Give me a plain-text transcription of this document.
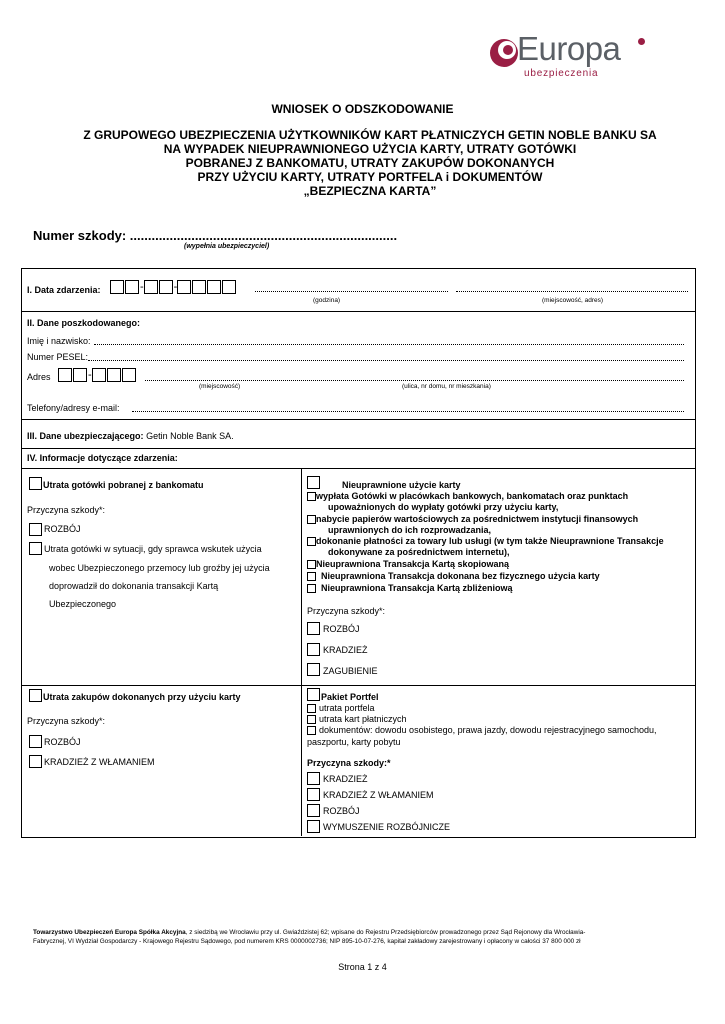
Europa
ubezpieczenia
WNIOSEK O ODSZKODOWANIE
Z GRUPOWEGO UBEZPIECZENIA UŻYTKOWNIKÓW KART PŁATNICZYCH GETIN NOBLE BANKU SA
NA WYPADEK NIEUPRAWNIONEGO UŻYCIA KARTY, UTRATY GOTÓWKI
POBRANEJ Z BANKOMATU, UTRATY ZAKUPÓW DOKONANYCH
PRZY UŻYCIU KARTY, UTRATY PORTFELA i DOKUMENTÓW
„BEZPIECZNA KARTA”
Numer szkody: ..........................................................................
(wypełnia ubezpieczyciel)
I. Data zdarzenia:	-	-
(godzina)	(miejscowość, adres)
II. Dane poszkodowanego:
Imię i nazwisko:
Numer PESEL:
Adres	-
(miejscowość)	(ulica, nr domu, nr mieszkania)
Telefony/adresy e-mail:
III. Dane ubezpieczającego: Getin Noble Bank SA.
IV. Informacje dotyczące zdarzenia:
Utrata gotówki pobranej z bankomatu
Przyczyna szkody*:
ROZBÓJ
Utrata gotówki w sytuacji, gdy sprawca wskutek użycia
wobec Ubezpieczonego przemocy lub groźby jej użycia
doprowadził do dokonania transakcji Kartą
Ubezpieczonego
Nieuprawnione użycie karty
wypłata Gotówki w placówkach bankowych, bankomatach oraz punktach
upoważnionych do wypłaty gotówki przy użyciu karty,
nabycie papierów wartościowych za pośrednictwem instytucji finansowych
uprawnionych do ich rozprowadzania,
dokonanie płatności za towary lub usługi (w tym także Nieuprawnione Transakcje
dokonywane za pośrednictwem internetu),
Nieuprawniona Transakcja Kartą skopiowaną
Nieuprawniona Transakcja dokonana bez fizycznego użycia karty
Nieuprawniona Transakcja Kartą zbliżeniową
Przyczyna szkody*:
ROZBÓJ
KRADZIEŻ
ZAGUBIENIE
Utrata zakupów dokonanych przy użyciu karty
Przyczyna szkody*:
ROZBÓJ
KRADZIEŻ Z WŁAMANIEM
Pakiet Portfel
utrata portfela
utrata kart płatniczych
dokumentów: dowodu osobistego, prawa jazdy, dowodu rejestracyjnego samochodu,
paszportu, karty pobytu
Przyczyna szkody:*
KRADZIEŻ
KRADZIEŻ Z WŁAMANIEM
ROZBÓJ
WYMUSZENIE ROZBÓJNICZE
Towarzystwo Ubezpieczeń Europa Spółka Akcyjna, z siedzibą we Wrocławiu przy ul. Gwiaździstej 62; wpisane do Rejestru Przedsiębiorców prowadzonego przez Sąd Rejonowy dla Wrocławia-
Fabrycznej, VI Wydział Gospodarczy - Krajowego Rejestru Sądowego, pod numerem KRS 0000002736; NIP 895-10-07-276, kapitał zakładowy zarejestrowany i opłacony w całości 37 800 000 zł
Strona 1 z 4
